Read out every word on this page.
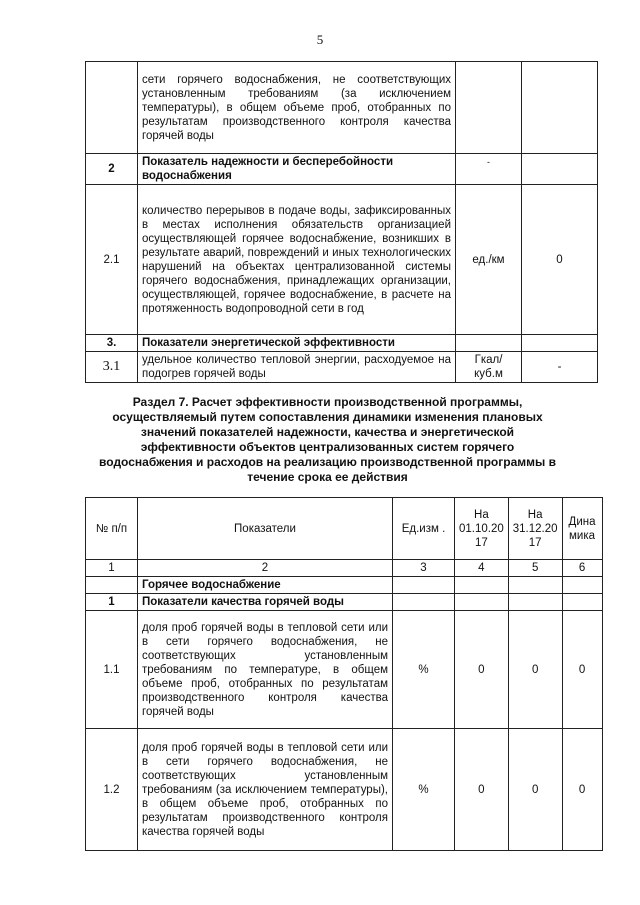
5
	сети горячего водоснабжения, не соответствующих установленным требованиям (за исключением температуры), в общем объеме проб, отобранных по результатам производственного контроля качества горячей воды		
2	Показатель надежности и бесперебойности водоснабжения	-	
2.1	количество перерывов в подаче воды, зафиксированных в местах исполнения обязательств организацией осуществляющей горячее водоснабжение, возникших в результате аварий, повреждений и иных технологических нарушений на объектах централизованной системы горячего водоснабжения, принадлежащих организации, осуществляющей, горячее водоснабжение, в расчете на протяженность водопроводной сети в год	ед./км	0
3.	Показатели энергетической эффективности		
3.1	удельное количество тепловой энергии, расходуемое на подогрев горячей воды	Гкал/ куб.м	-
Раздел 7. Расчет эффективности производственной программы, осуществляемый путем сопоставления динамики изменения плановых значений показателей надежности, качества и энергетической эффективности объектов централизованных систем горячего водоснабжения и расходов на реализацию производственной программы в течение срока ее действия
№ п/п	Показатели	Ед.изм .	На 01.10.20 17	На 31.12.20 17	Дина мика
1	2	3	4	5	6
	Горячее водоснабжение				
1	Показатели качества горячей воды				
1.1	доля проб горячей воды в тепловой сети или в сети горячего водоснабжения, не соответствующих установленным требованиям по температуре, в общем объеме проб, отобранных по результатам производственного контроля качества горячей воды	%	0	0	0
1.2	доля проб горячей воды в тепловой сети или в сети горячего водоснабжения, не соответствующих установленным требованиям (за исключением температуры), в общем объеме проб, отобранных по результатам производственного контроля качества горячей воды	%	0	0	0
